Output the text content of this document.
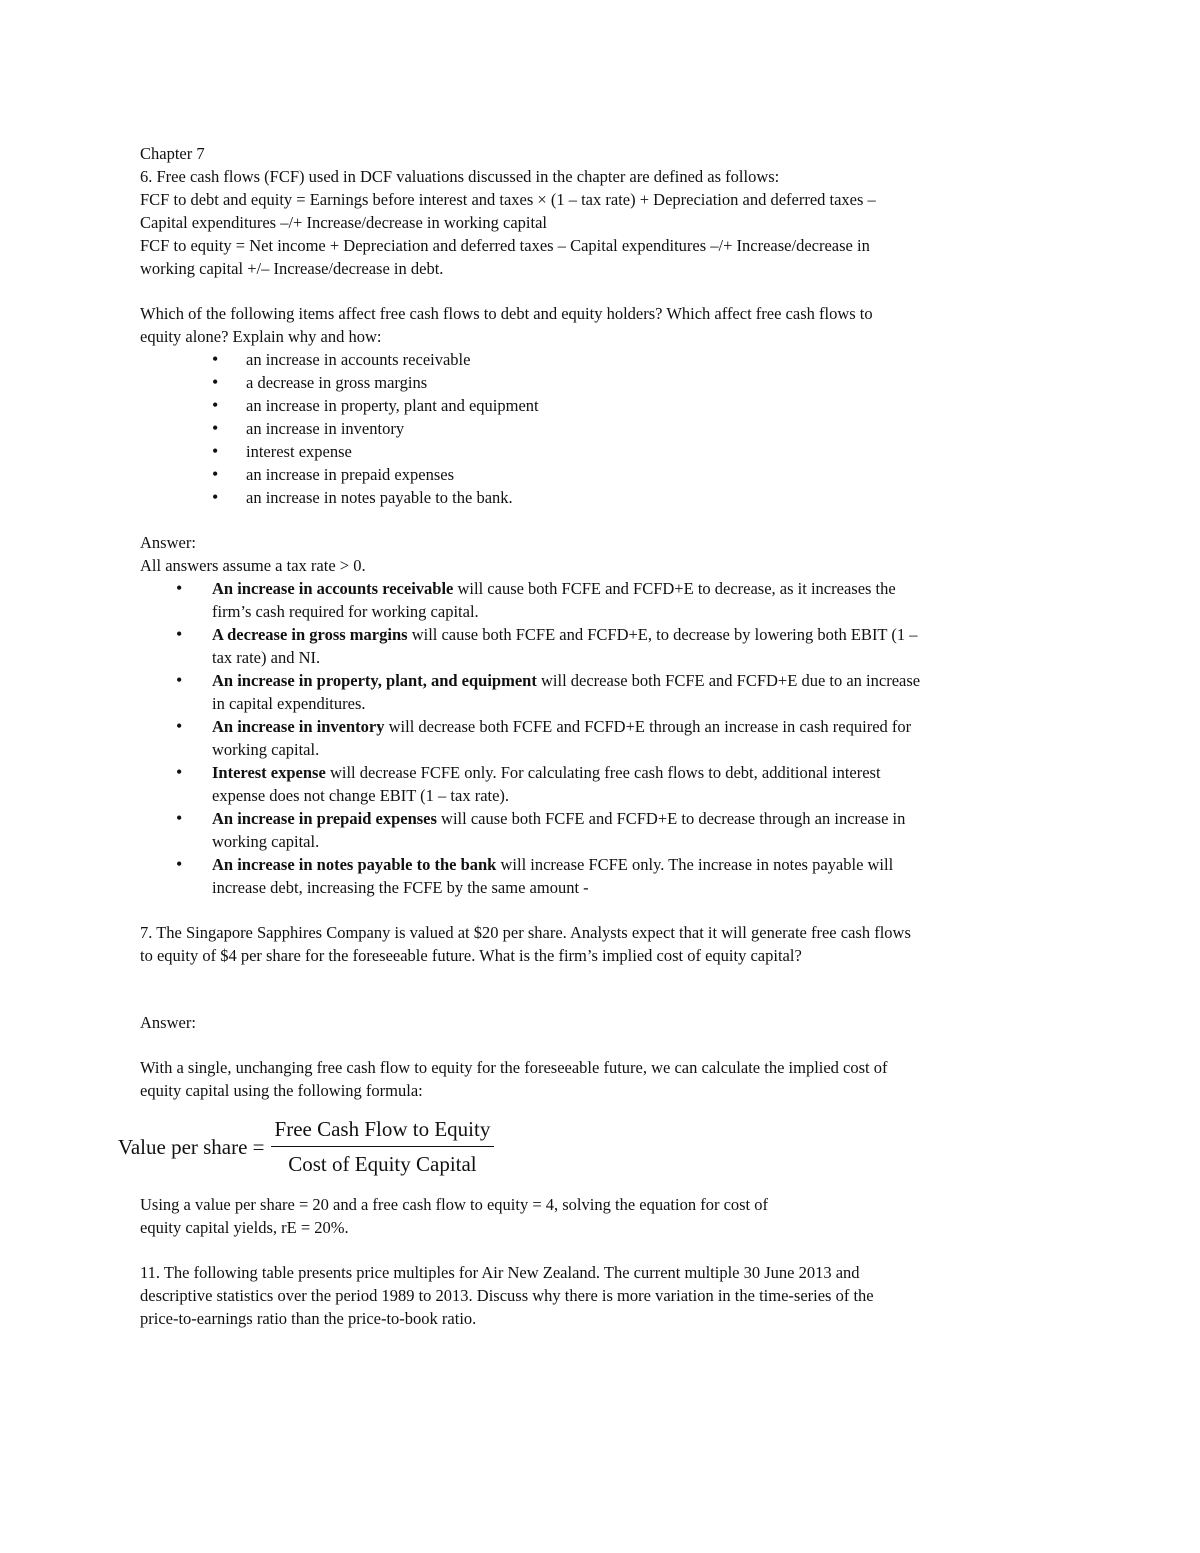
Chapter 7

6. Free cash flows (FCF) used in DCF valuations discussed in the chapter are defined as follows:

FCF to debt and equity = Earnings before interest and taxes × (1 – tax rate) + Depreciation and deferred taxes –

Capital expenditures –/+ Increase/decrease in working capital

FCF to equity = Net income + Depreciation and deferred taxes – Capital expenditures –/+ Increase/decrease in

working capital +/– Increase/decrease in debt.

Which of the following items affect free cash flows to debt and equity holders? Which affect free cash flows to

equity alone? Explain why and how:

• an increase in accounts receivable
• a decrease in gross margins
• an increase in property, plant and equipment
• an increase in inventory
• interest expense
• an increase in prepaid expenses
• an increase in notes payable to the bank.

Answer:

All answers assume a tax rate > 0.

• An increase in accounts receivable will cause both FCFE and FCFD+E to decrease, as it increases the
firm’s cash required for working capital.
• A decrease in gross margins will cause both FCFE and FCFD+E, to decrease by lowering both EBIT (1 –
tax rate) and NI.
• An increase in property, plant, and equipment will decrease both FCFE and FCFD+E due to an increase
in capital expenditures.
• An increase in inventory will decrease both FCFE and FCFD+E through an increase in cash required for
working capital.
• Interest expense will decrease FCFE only. For calculating free cash flows to debt, additional interest
expense does not change EBIT (1 – tax rate).
• An increase in prepaid expenses will cause both FCFE and FCFD+E to decrease through an increase in
working capital.
• An increase in notes payable to the bank will increase FCFE only. The increase in notes payable will
increase debt, increasing the FCFE by the same amount -

7. The Singapore Sapphires Company is valued at $20 per share. Analysts expect that it will generate free cash flows

to equity of $4 per share for the foreseeable future. What is the firm’s implied cost of equity capital?

Answer:

With a single, unchanging free cash flow to equity for the foreseeable future, we can calculate the implied cost of

equity capital using the following formula:

Value per share = $\frac{\text{Free Cash Flow to Equity}}{\text{Cost of Equity Capital}}$

Using a value per share = 20 and a free cash flow to equity = 4, solving the equation for cost of

equity capital yields, rE = 20%.

11. The following table presents price multiples for Air New Zealand. The current multiple 30 June 2013 and

descriptive statistics over the period 1989 to 2013. Discuss why there is more variation in the time-series of the

price-to-earnings ratio than the price-to-book ratio.
